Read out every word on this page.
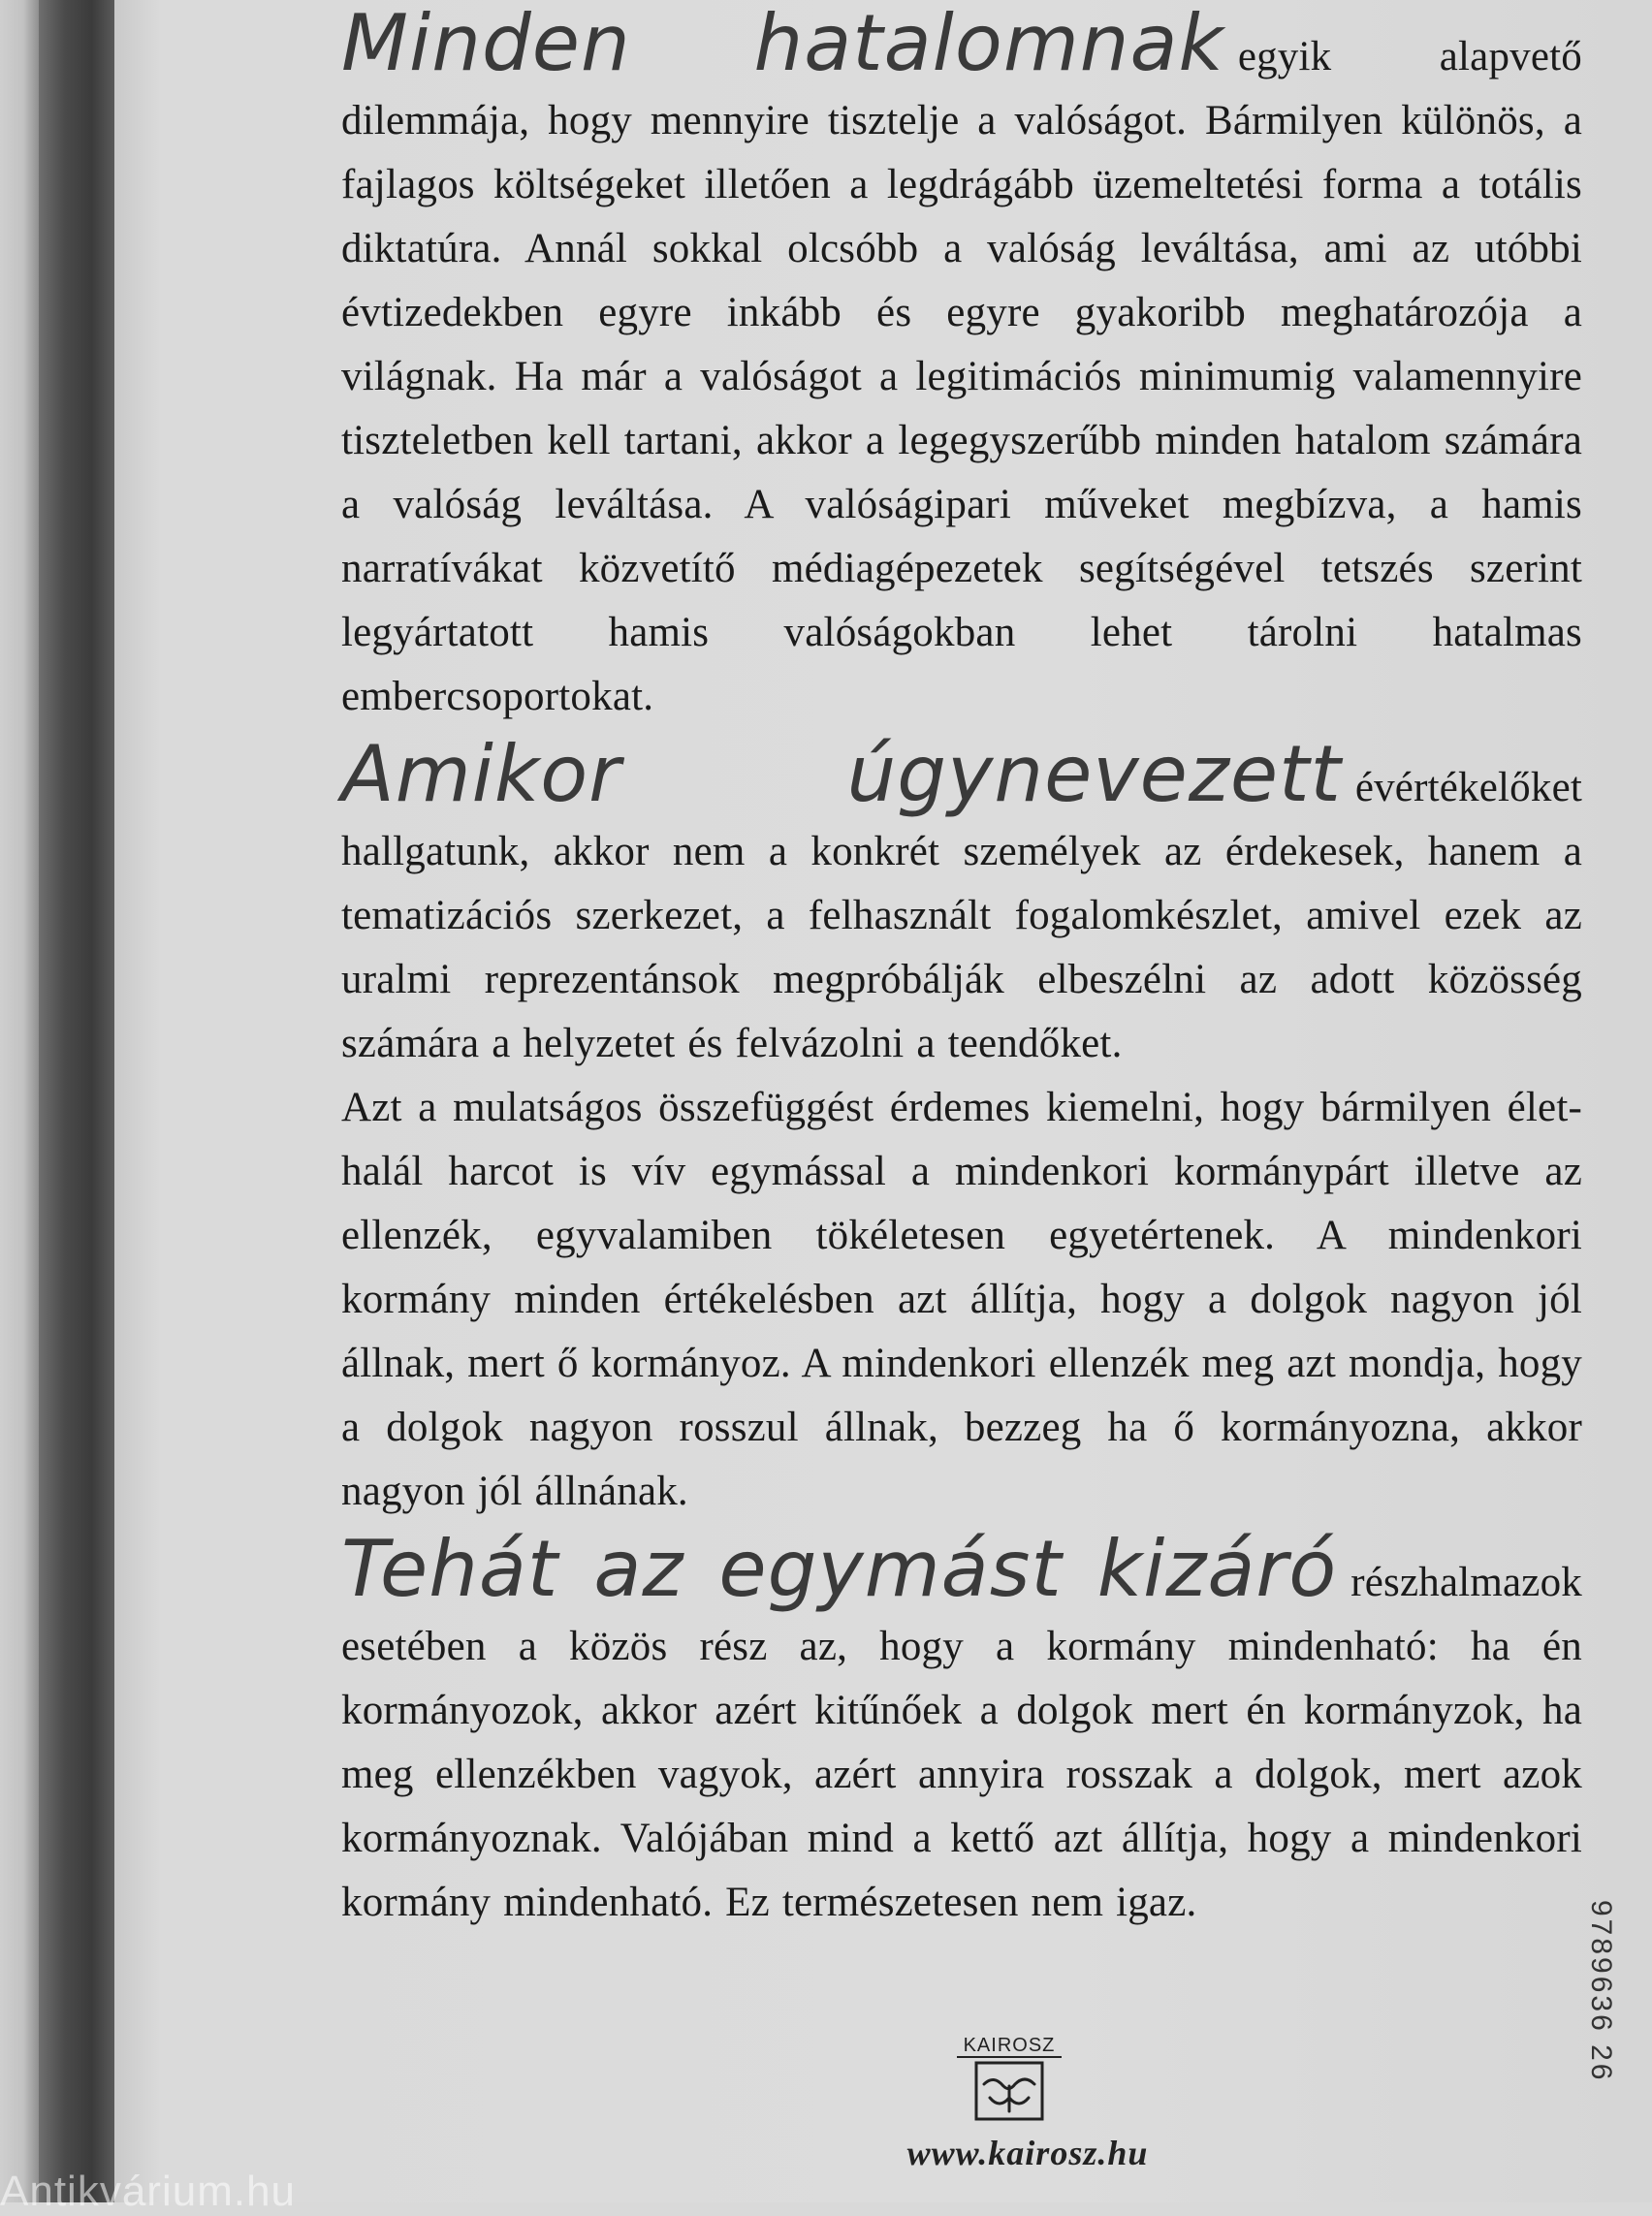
Minden hatalomnak egyik alapvető dilemmája, hogy mennyire tisztelje a valóságot. Bármilyen különös, a fajlagos költségeket illetően a legdrágább üzemeltetési forma a totális diktatúra. Annál sokkal olcsóbb a valóság leváltása, ami az utóbbi évtizedekben egyre inkább és egyre gyakoribb meghatározója a világnak. Ha már a valóságot a legitimációs minimumig valamennyire tiszteletben kell tartani, akkor a legegyszerűbb minden hatalom számára a valóság leváltása. A valóságipari műveket megbízva, a hamis narratívákat közvetítő médiagépezetek segítségével tetszés szerint legyártatott hamis valóságokban lehet tárolni hatalmas embercsoportokat.

Amikor úgynevezett évértékelőket hallgatunk, akkor nem a konkrét személyek az érdekesek, hanem a tematizációs szerkezet, a felhasznált fogalomkészlet, amivel ezek az uralmi reprezentánsok megpróbálják elbeszélni az adott közösség számára a helyzetet és felvázolni a teendőket.

Azt a mulatságos összefüggést érdemes kiemelni, hogy bármilyen élet-halál harcot is vív egymással a mindenkori kormánypárt illetve az ellenzék, egyvalamiben tökéletesen egyetértenek. A mindenkori kormány minden értékelésben azt állítja, hogy a dolgok nagyon jól állnak, mert ő kormányoz. A mindenkori ellenzék meg azt mondja, hogy a dolgok nagyon rosszul állnak, bezzeg ha ő kormányozna, akkor nagyon jól állnának.

Tehát az egymást kizáró részhalmazok esetében a közös rész az, hogy a kormány mindenható: ha én kormányozok, akkor azért kitűnőek a dolgok mert én kormányzok, ha meg ellenzékben vagyok, azért annyira rosszak a dolgok, mert azok kormányoznak. Valójában mind a kettő azt állítja, hogy a mindenkori kormány mindenható. Ez természetesen nem igaz.

KAIROSZ
www.kairosz.hu
9789636 26
Antikvárium.hu
